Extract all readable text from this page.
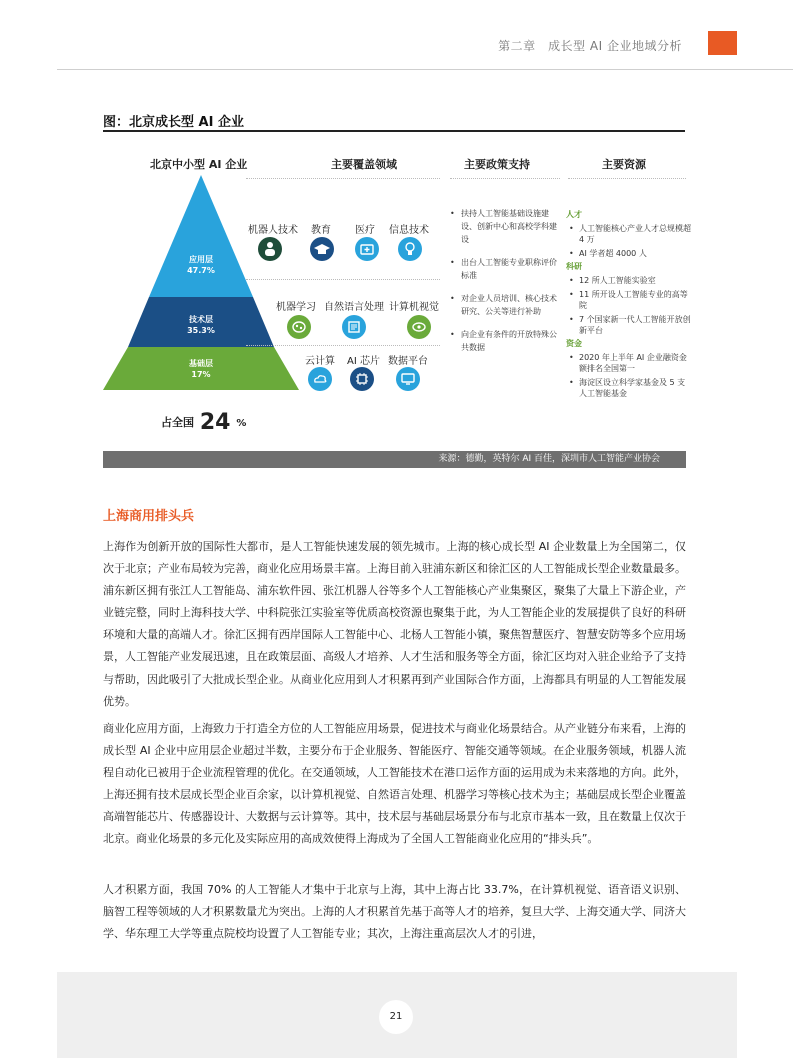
第二章　成长型 AI 企业地域分析
图：北京成长型 AI 企业
北京中小型 AI 企业	主要覆盖领域	主要政策支持	主要资源
应用层
47.7%
技术层
35.3%
基础层
17%
占全国 24 %
机器人技术 教育 医疗 信息技术
机器学习 自然语言处理 计算机视觉
云计算 AI 芯片 数据平台
• 扶持人工智能基础设施建设、创新中心和高校学科建设
• 出台人工智能专业职称评价标准
• 对企业人员培训、核心技术研究、公关等进行补助
• 向企业有条件的开放特殊公共数据
人才
• 人工智能核心产业人才总规模超 4 万
• AI 学者超 4000 人
科研
• 12 所人工智能实验室
• 11 所开设人工智能专业的高等院
• 7 个国家新一代人工智能开放创新平台
资金
• 2020 年上半年 AI 企业融资金额排名全国第一
• 海淀区设立科学家基金及 5 支人工智能基金
来源：德勤，英特尔 AI 百佳，深圳市人工智能产业协会
上海商用排头兵
上海作为创新开放的国际性大都市，是人工智能快速发展的领先城市。上海的核心成长型 AI 企业数量上为全国第二，仅次于北京；产业布局较为完善，商业化应用场景丰富。上海目前入驻浦东新区和徐汇区的人工智能成长型企业数量最多。浦东新区拥有张江人工智能岛、浦东软件园、张江机器人谷等多个人工智能核心产业集聚区，聚集了大量上下游企业，产业链完整，同时上海科技大学、中科院张江实验室等优质高校资源也聚集于此，为人工智能企业的发展提供了良好的科研环境和大量的高端人才。徐汇区拥有西岸国际人工智能中心、北杨人工智能小镇，聚焦智慧医疗、智慧安防等多个应用场景，人工智能产业发展迅速，且在政策层面、高级人才培养、人才生活和服务等全方面，徐汇区均对入驻企业给予了支持与帮助，因此吸引了大批成长型企业。从商业化应用到人才积累再到产业国际合作方面，上海都具有明显的人工智能发展优势。
商业化应用方面，上海致力于打造全方位的人工智能应用场景，促进技术与商业化场景结合。从产业链分布来看，上海的成长型 AI 企业中应用层企业超过半数，主要分布于企业服务、智能医疗、智能交通等领域。在企业服务领域，机器人流程自动化已被用于企业流程管理的优化。在交通领域，人工智能技术在港口运作方面的运用成为未来落地的方向。此外，上海还拥有技术层成长型企业百余家，以计算机视觉、自然语言处理、机器学习等核心技术为主；基础层成长型企业覆盖高端智能芯片、传感器设计、大数据与云计算等。其中，技术层与基础层场景分布与北京市基本一致，且在数量上仅次于北京。商业化场景的多元化及实际应用的高成效使得上海成为了全国人工智能商业化应用的“排头兵”。
人才积累方面，我国 70% 的人工智能人才集中于北京与上海，其中上海占比 33.7%，在计算机视觉、语音语义识别、脑智工程等领域的人才积累数量尤为突出。上海的人才积累首先基于高等人才的培养，复旦大学、上海交通大学、同济大学、华东理工大学等重点院校均设置了人工智能专业；其次，上海注重高层次人才的引进，
21
